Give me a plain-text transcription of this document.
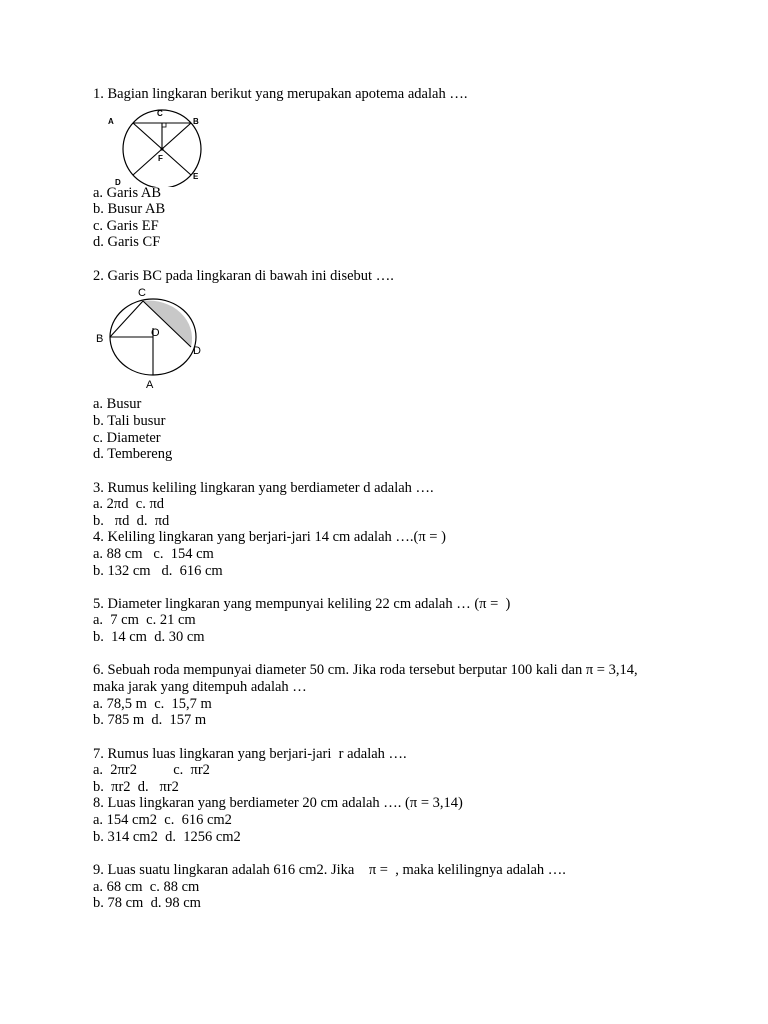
1. Bagian lingkaran berikut yang merupakan apotema adalah ….
A
C
B
F
D
E
a. Garis AB
b. Busur AB
c. Garis EF
d. Garis CF
2. Garis BC pada lingkaran di bawah ini disebut ….
C
B	O
D
A
a. Busur
b. Tali busur
c. Diameter
d. Tembereng
3. Rumus keliling lingkaran yang berdiameter d adalah ….
a. 2πd  c. πd
b.   πd  d.  πd
4. Keliling lingkaran yang berjari-jari 14 cm adalah ….(π = )
a. 88 cm   c.  154 cm
b. 132 cm   d.  616 cm
5. Diameter lingkaran yang mempunyai keliling 22 cm adalah … (π =  )
a.  7 cm  c. 21 cm
b.  14 cm  d. 30 cm
6. Sebuah roda mempunyai diameter 50 cm. Jika roda tersebut berputar 100 kali dan π = 3,14,
maka jarak yang ditempuh adalah …
a. 78,5 m  c.  15,7 m
b. 785 m  d.  157 m
7. Rumus luas lingkaran yang berjari-jari  r adalah ….
a.  2πr2          c.  πr2
b.  πr2  d.   πr2
8. Luas lingkaran yang berdiameter 20 cm adalah …. (π = 3,14)
a. 154 cm2  c.  616 cm2
b. 314 cm2  d.  1256 cm2
9. Luas suatu lingkaran adalah 616 cm2. Jika    π =  , maka kelilingnya adalah ….
a. 68 cm  c. 88 cm
b. 78 cm  d. 98 cm
